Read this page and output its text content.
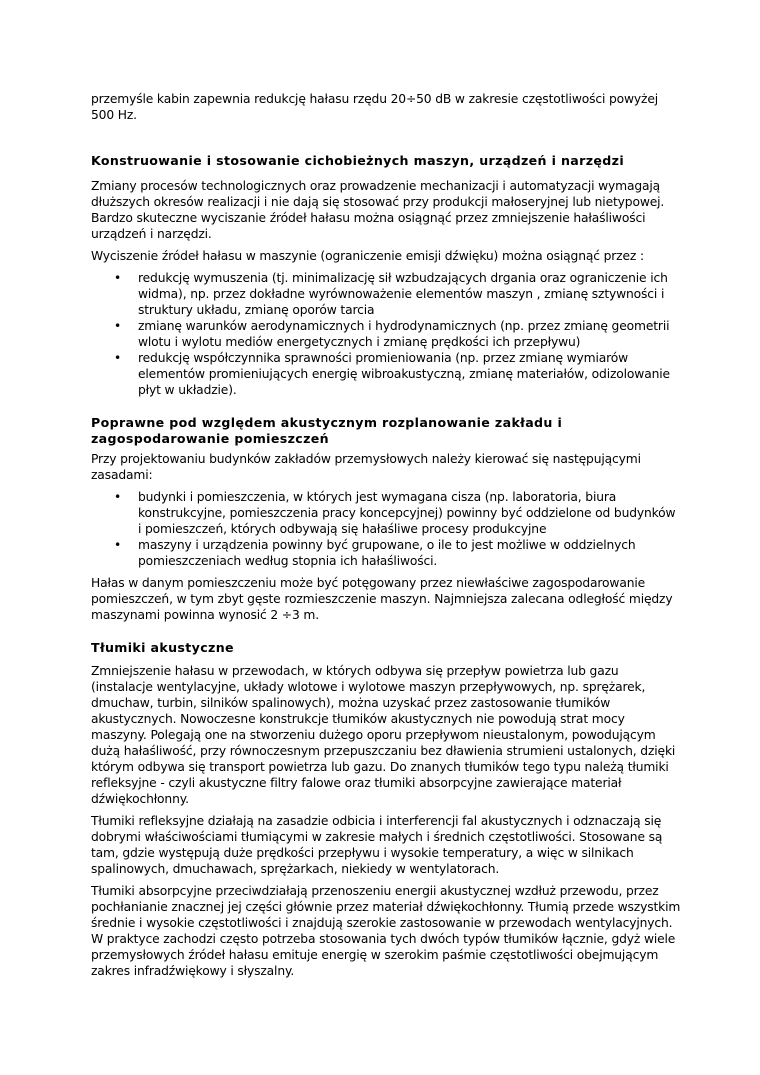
przemyśle kabin zapewnia redukcję hałasu rzędu 20÷50 dB w zakresie częstotliwości powyżej 500 Hz.

Konstruowanie i stosowanie cichobieżnych maszyn, urządzeń i narzędzi

Zmiany procesów technologicznych oraz prowadzenie mechanizacji i automatyzacji wymagają dłuższych okresów realizacji i nie dają się stosować przy produkcji małoseryjnej lub nietypowej. Bardzo skuteczne wyciszanie źródeł hałasu można osiągnąć przez zmniejszenie hałaśliwości urządzeń i narzędzi.

Wyciszenie źródeł hałasu w maszynie (ograniczenie emisji dźwięku) można osiągnąć przez :

• redukcję wymuszenia (tj. minimalizację sił wzbudzających drgania oraz ograniczenie ich widma), np. przez dokładne wyrównoważenie elementów maszyn , zmianę sztywności i struktury układu, zmianę oporów tarcia
• zmianę warunków aerodynamicznych i hydrodynamicznych (np. przez zmianę geometrii wlotu i wylotu mediów energetycznych i zmianę prędkości ich przepływu)
• redukcję współczynnika sprawności promieniowania (np. przez zmianę wymiarów elementów promieniujących energię wibroakustyczną, zmianę materiałów, odizolowanie płyt w układzie).
Poprawne pod względem akustycznym rozplanowanie zakładu i zagospodarowanie pomieszczeń

Przy projektowaniu budynków zakładów przemysłowych należy kierować się następującymi zasadami:

• budynki i pomieszczenia, w których jest wymagana cisza (np. laboratoria, biura konstrukcyjne, pomieszczenia pracy koncepcyjnej) powinny być oddzielone od budynków i pomieszczeń, których odbywają się hałaśliwe procesy produkcyjne
• maszyny i urządzenia powinny być grupowane, o ile to jest możliwe w oddzielnych pomieszczeniach według stopnia ich hałaśliwości.

Hałas w danym pomieszczeniu może być potęgowany przez niewłaściwe zagospodarowanie pomieszczeń, w tym zbyt gęste rozmieszczenie maszyn. Najmniejsza zalecana odległość między maszynami powinna wynosić 2 ÷3 m.

Tłumiki akustyczne

Zmniejszenie hałasu w przewodach, w których odbywa się przepływ powietrza lub gazu (instalacje wentylacyjne, układy wlotowe i wylotowe maszyn przepływowych, np. sprężarek, dmuchaw, turbin, silników spalinowych), można uzyskać przez zastosowanie tłumików akustycznych. Nowoczesne konstrukcje tłumików akustycznych nie powodują strat mocy maszyny. Polegają one na stworzeniu dużego oporu przepływom nieustalonym, powodującym dużą hałaśliwość, przy równoczesnym przepuszczaniu bez dławienia strumieni ustalonych, dzięki którym odbywa się transport powietrza lub gazu. Do znanych tłumików tego typu należą tłumiki refleksyjne - czyli akustyczne filtry falowe oraz tłumiki absorpcyjne zawierające materiał dźwiękochłonny.

Tłumiki refleksyjne działają na zasadzie odbicia i interferencji fal akustycznych i odznaczają się dobrymi właściwościami tłumiącymi w zakresie małych i średnich częstotliwości. Stosowane są tam, gdzie występują duże prędkości przepływu i wysokie temperatury, a więc w silnikach spalinowych, dmuchawach, sprężarkach, niekiedy w wentylatorach.

Tłumiki absorpcyjne przeciwdziałają przenoszeniu energii akustycznej wzdłuż przewodu, przez pochłanianie znacznej jej części głównie przez materiał dźwiękochłonny. Tłumią przede wszystkim średnie i wysokie częstotliwości i znajdują szerokie zastosowanie w przewodach wentylacyjnych. W praktyce zachodzi często potrzeba stosowania tych dwóch typów tłumików łącznie, gdyż wiele przemysłowych źródeł hałasu emituje energię w szerokim paśmie częstotliwości obejmującym zakres infradźwiękowy i słyszalny.
